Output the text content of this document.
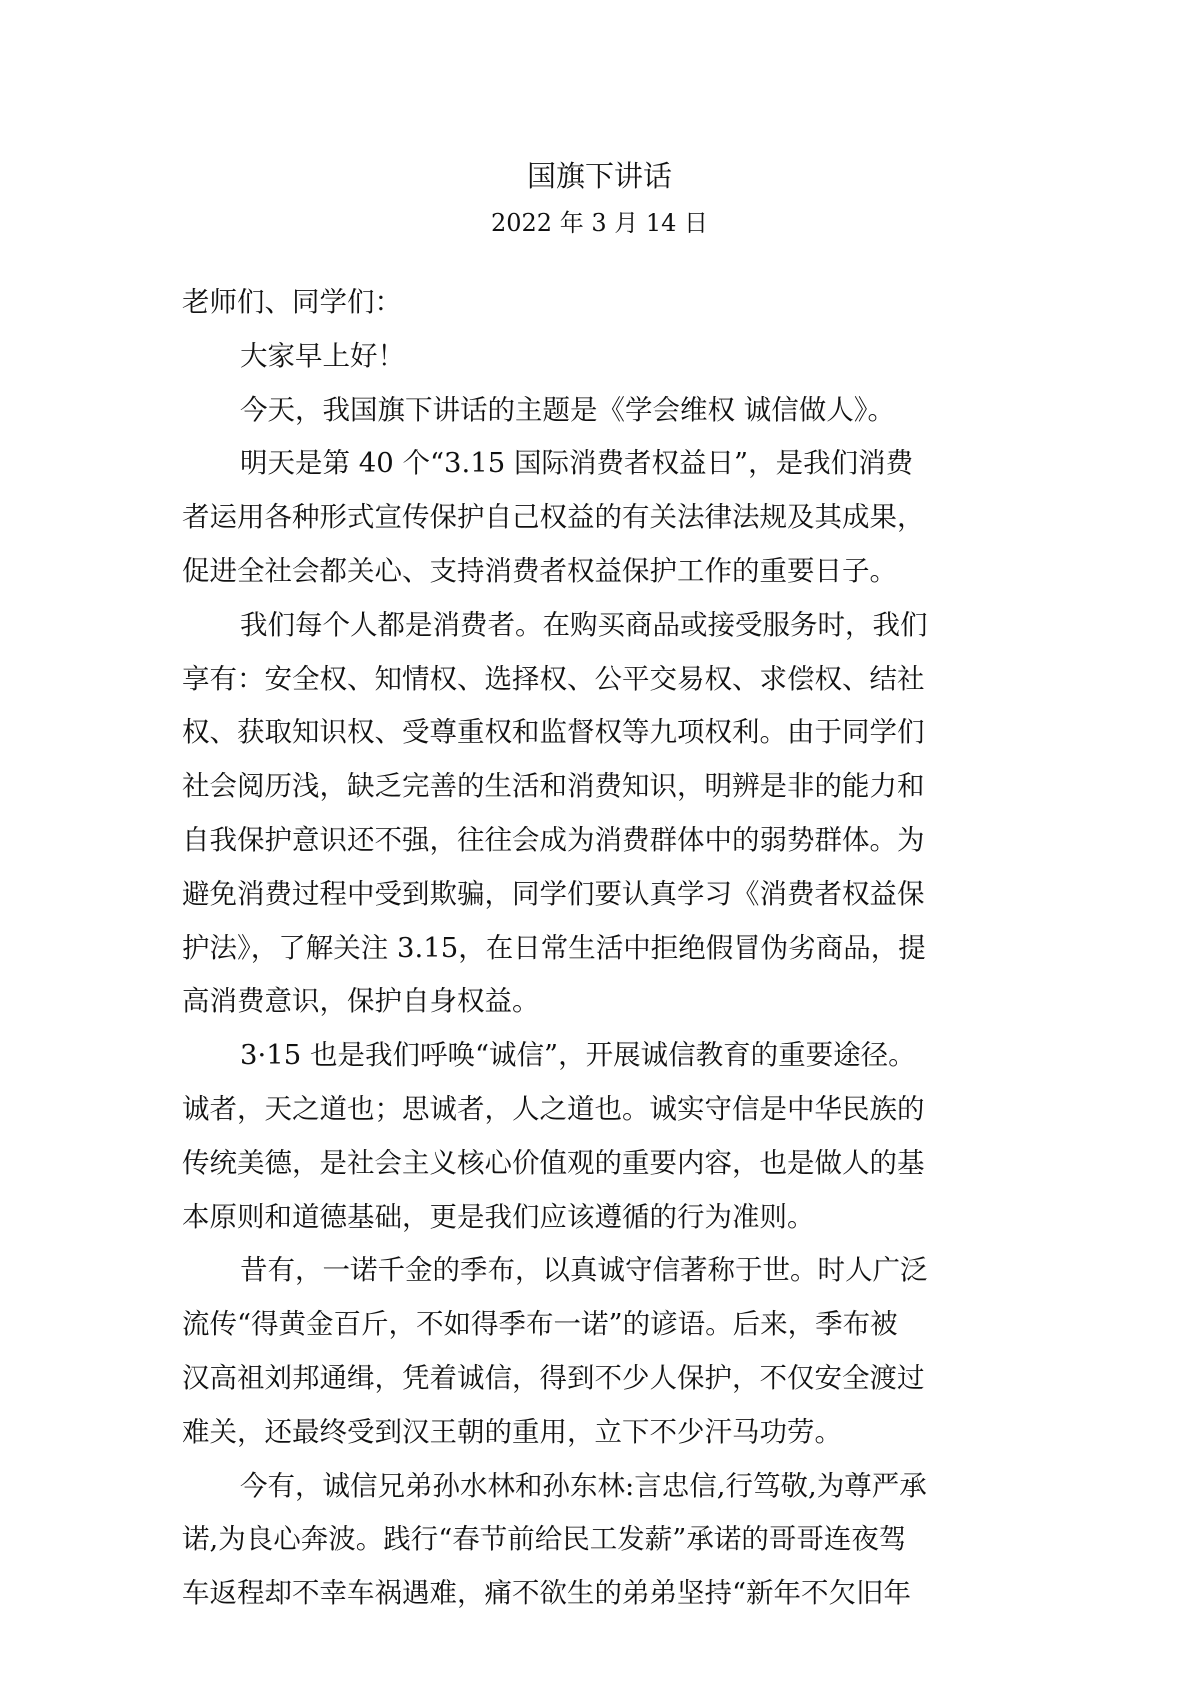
国旗下讲话
2022 年 3 月 14 日
老师们、同学们：
大家早上好！
今天，我国旗下讲话的主题是《学会维权 诚信做人》。
明天是第 40 个“3.15 国际消费者权益日”，是我们消费
者运用各种形式宣传保护自己权益的有关法律法规及其成果，
促进全社会都关心、支持消费者权益保护工作的重要日子。
我们每个人都是消费者。在购买商品或接受服务时，我们
享有：安全权、知情权、选择权、公平交易权、求偿权、结社
权、获取知识权、受尊重权和监督权等九项权利。由于同学们
社会阅历浅，缺乏完善的生活和消费知识，明辨是非的能力和
自我保护意识还不强，往往会成为消费群体中的弱势群体。为
避免消费过程中受到欺骗，同学们要认真学习《消费者权益保
护法》，了解关注 3.15，在日常生活中拒绝假冒伪劣商品，提
高消费意识，保护自身权益。
3·15 也是我们呼唤“诚信”，开展诚信教育的重要途径。
诚者，天之道也；思诚者，人之道也。诚实守信是中华民族的
传统美德，是社会主义核心价值观的重要内容，也是做人的基
本原则和道德基础，更是我们应该遵循的行为准则。
昔有，一诺千金的季布，以真诚守信著称于世。时人广泛
流传“得黄金百斤，不如得季布一诺”的谚语。后来，季布被
汉高祖刘邦通缉，凭着诚信，得到不少人保护，不仅安全渡过
难关，还最终受到汉王朝的重用，立下不少汗马功劳。
今有，诚信兄弟孙水林和孙东林:言忠信,行笃敬,为尊严承
诺,为良心奔波。践行“春节前给民工发薪”承诺的哥哥连夜驾
车返程却不幸车祸遇难，痛不欲生的弟弟坚持“新年不欠旧年
